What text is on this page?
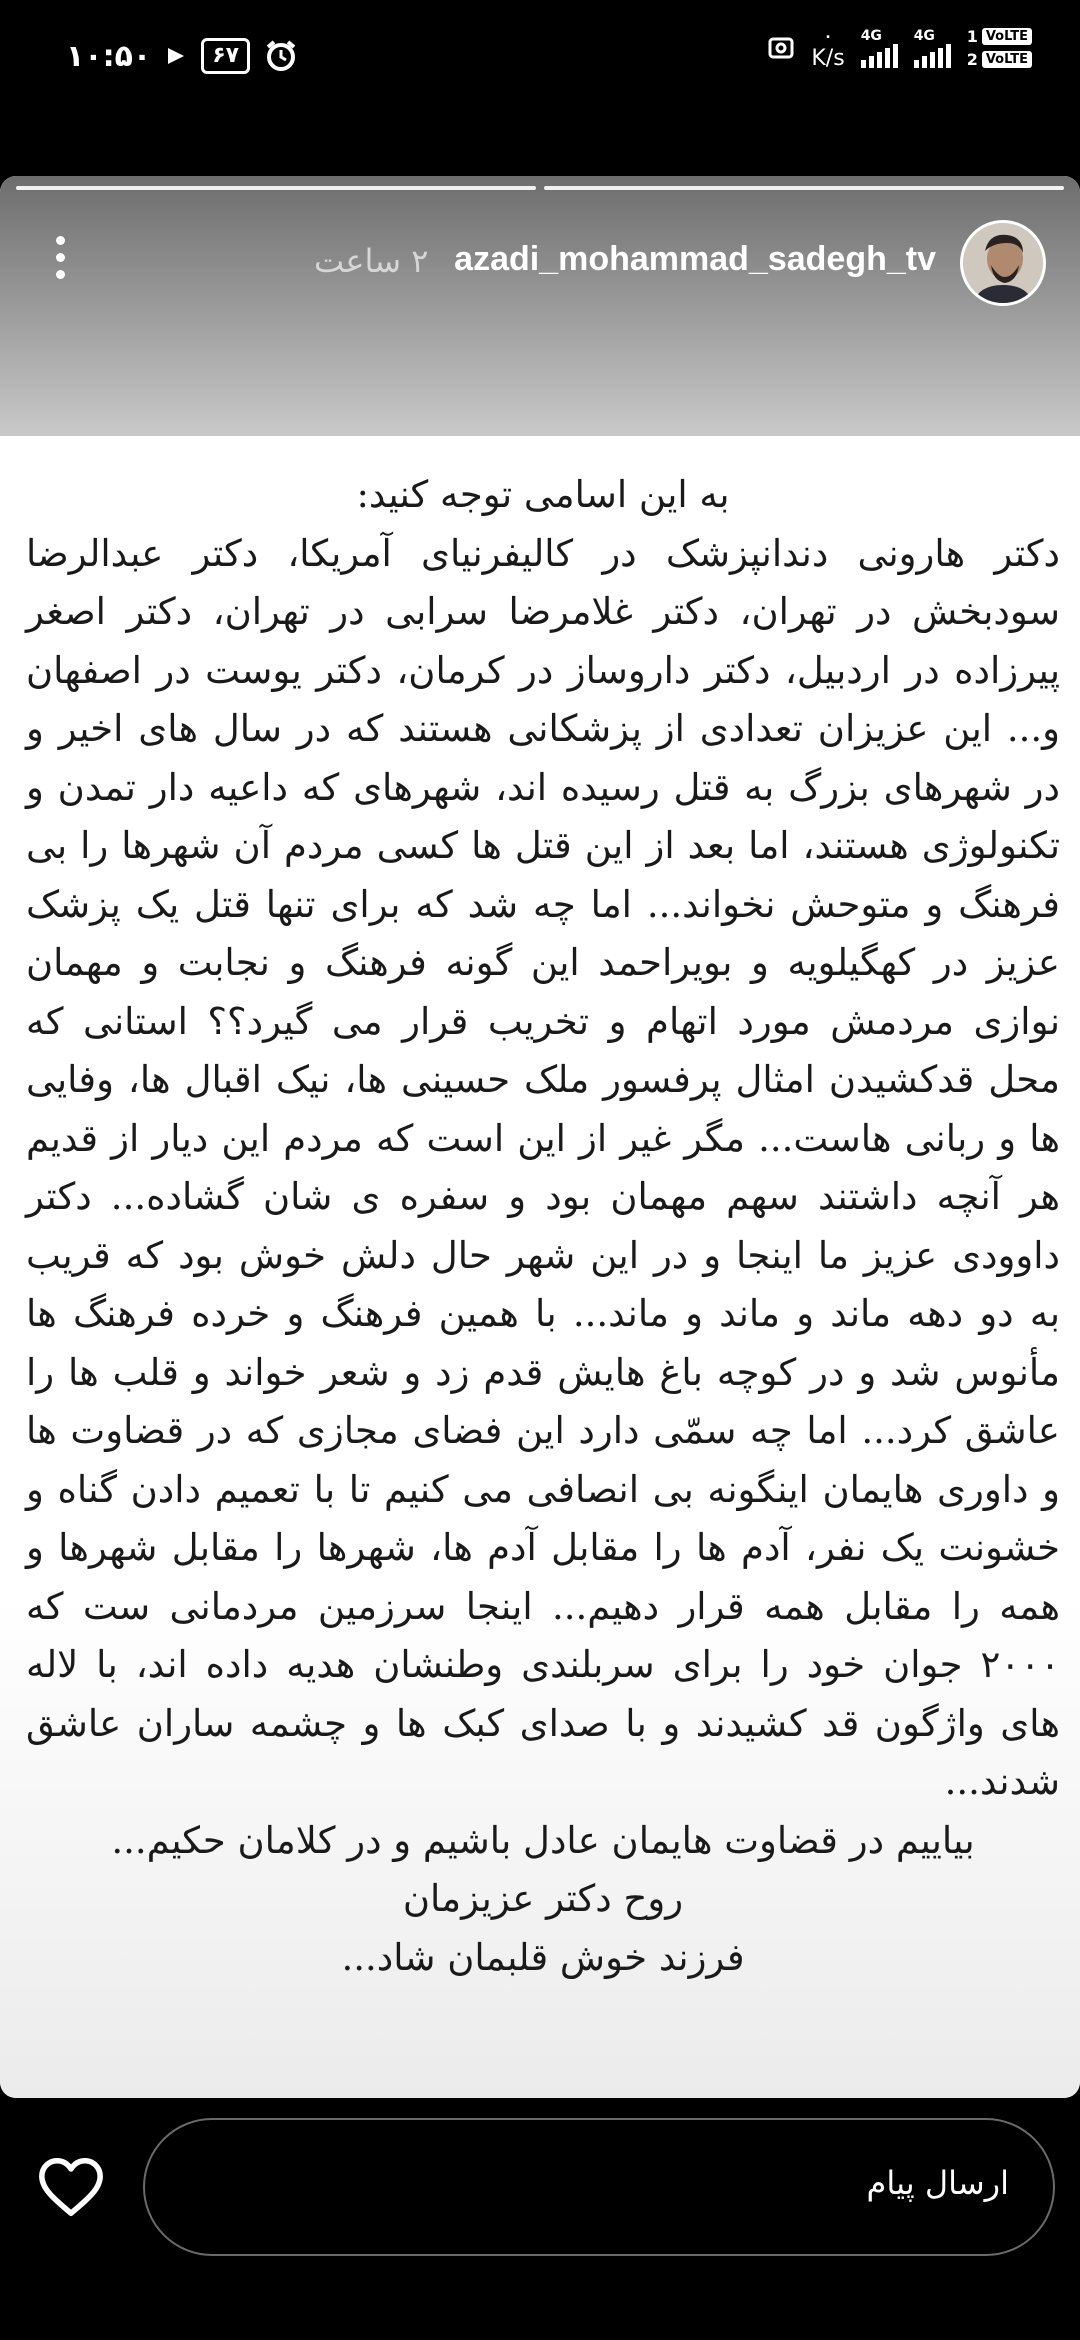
۱۰:۵۰	۶۷
٠
K/s
4G 4G 1 VoLTE
2 VoLTE
azadi_mohammad_sadegh_tv
۲ ساعت

به این اسامی توجه کنید:

دکتر هارونی دندانپزشک در کالیفرنیای آمریکا، دکتر عبدالرضا سودبخش در تهران، دکتر غلامرضا سرابی در تهران، دکتر اصغر پیرزاده در اردبیل، دکتر داروساز در کرمان، دکتر یوست در اصفهان و... این عزیزان تعدادی از پزشکانی هستند که در سال های اخیر و در شهرهای بزرگ به قتل رسیده اند، شهرهای که داعیه دار تمدن و تکنولوژی هستند، اما بعد از این قتل ها کسی مردم آن شهرها را بی فرهنگ و متوحش نخواند... اما چه شد که برای تنها قتل یک پزشک عزیز در کهگیلویه و بویراحمد این گونه فرهنگ و نجابت و مهمان نوازی مردمش مورد اتهام و تخریب قرار می گیرد؟؟ استانی که محل قدکشیدن امثال پرفسور ملک حسینی ها، نیک اقبال ها، وفایی ها و ربانی هاست... مگر غیر از این است که مردم این دیار از قدیم هر آنچه داشتند سهم مهمان بود و سفره ی شان گشاده... دکتر داوودی عزیز ما اینجا و در این شهر حال دلش خوش بود که قریب به دو دهه ماند و ماند و ماند... با همین فرهنگ و خرده فرهنگ ها مأنوس شد و در کوچه باغ هایش قدم زد و شعر خواند و قلب ها را عاشق کرد... اما چه سمّی دارد این فضای مجازی که در قضاوت ها و داوری هایمان اینگونه بی انصافی می کنیم تا با تعمیم دادن گناه و خشونت یک نفر، آدم ها را مقابل آدم ها، شهرها را مقابل شهرها و همه را مقابل همه قرار دهیم... اینجا سرزمین مردمانی ست که ۲۰۰۰ جوان خود را برای سربلندی وطنشان هدیه داده اند، با لاله های واژگون قد کشیدند و با صدای کبک ها و چشمه ساران عاشق شدند...

بیاییم در قضاوت هایمان عادل باشیم و در کلامان حکیم...

روح دکتر عزیزمان

فرزند خوش قلبمان شاد...

ارسال پیام
